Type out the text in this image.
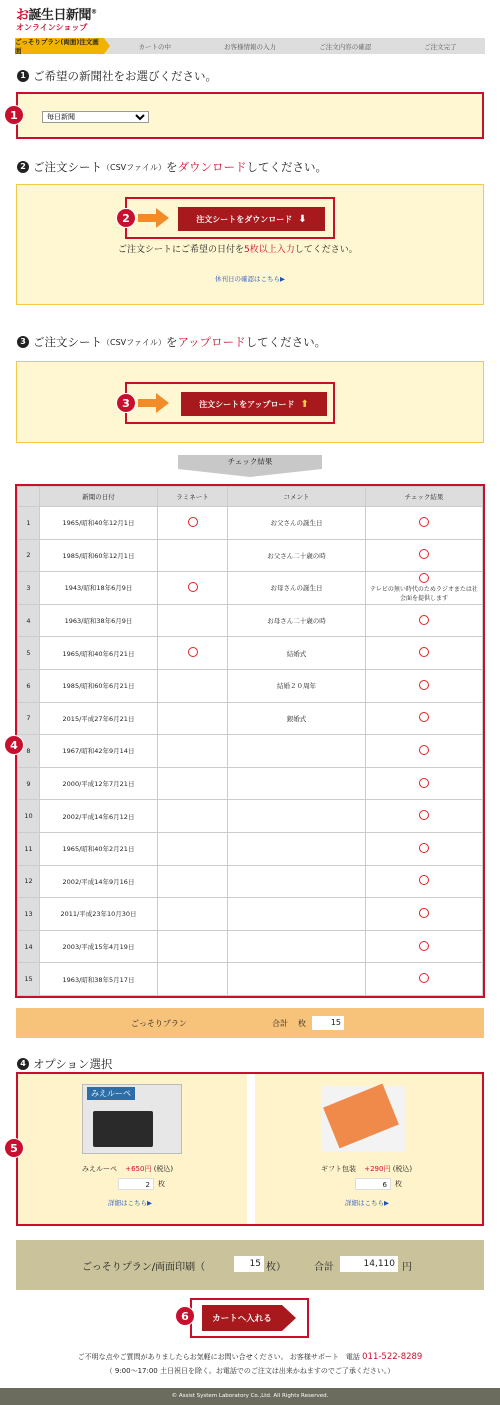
お誕生日新聞®
オンラインショップ
ごっそりプラン(両面)注文画面
カートの中	お客様情報の入力	ご注文内容の確認	ご注文完了
1 ご希望の新聞社をお選びください。
毎日新聞
1
2 ご注文シート （CSVファイル） を ダウンロード してください。
注文シートをダウンロード ⬇
2
ご注文シートにご希望の日付を5枚以上入力してください。
休刊日の確認はこちら▶
3 ご注文シート （CSVファイル） を アップロード してください。
注文シートをアップロード ⬆
3
チェック結果
	新聞の日付	ラミネート	コメント	チェック結果
1	1965/昭和40年12月1日		お父さんの誕生日	
2	1985/昭和60年12月1日		お父さん二十歳の時	
3	1943/昭和18年6月9日		お母さんの誕生日	テレビの無い時代のためラジオまたは社会面を提供します

4	1963/昭和38年6月9日		お母さん二十歳の時	
5	1965/昭和40年6月21日		結婚式	
6	1985/昭和60年6月21日		結婚２０周年	
7	2015/平成27年6月21日		銀婚式	
8	1967/昭和42年9月14日			
9	2000/平成12年7月21日			
10	2002/平成14年6月12日			
11	1965/昭和40年2月21日			
12	2002/平成14年9月16日			
13	2011/平成23年10月30日			
14	2003/平成15年4月19日			
15	1963/昭和38年5月17日			
4
ごっそりプラン	合計 枚	15
4 オプション選択
みえルーペ
みえルーペ +650円 (税込)
2	枚
詳細はこちら▶
ギフト包装 +290円 (税込)
6	枚
詳細はこちら▶
5
ごっそりプラン/両面印刷（	15 枚）	合計	14,110 円
カートへ入れる
6
ご不明な点やご質問がありましたらお気軽にお問い合せください。 お客様サポート　電話 011-522-8289
（ 9:00〜17:00 土日祝日を除く。お電話でのご注文は出来かねますのでご了承ください。）
© Assist System Laboratory Co.,Ltd. All Rights Reserved.
